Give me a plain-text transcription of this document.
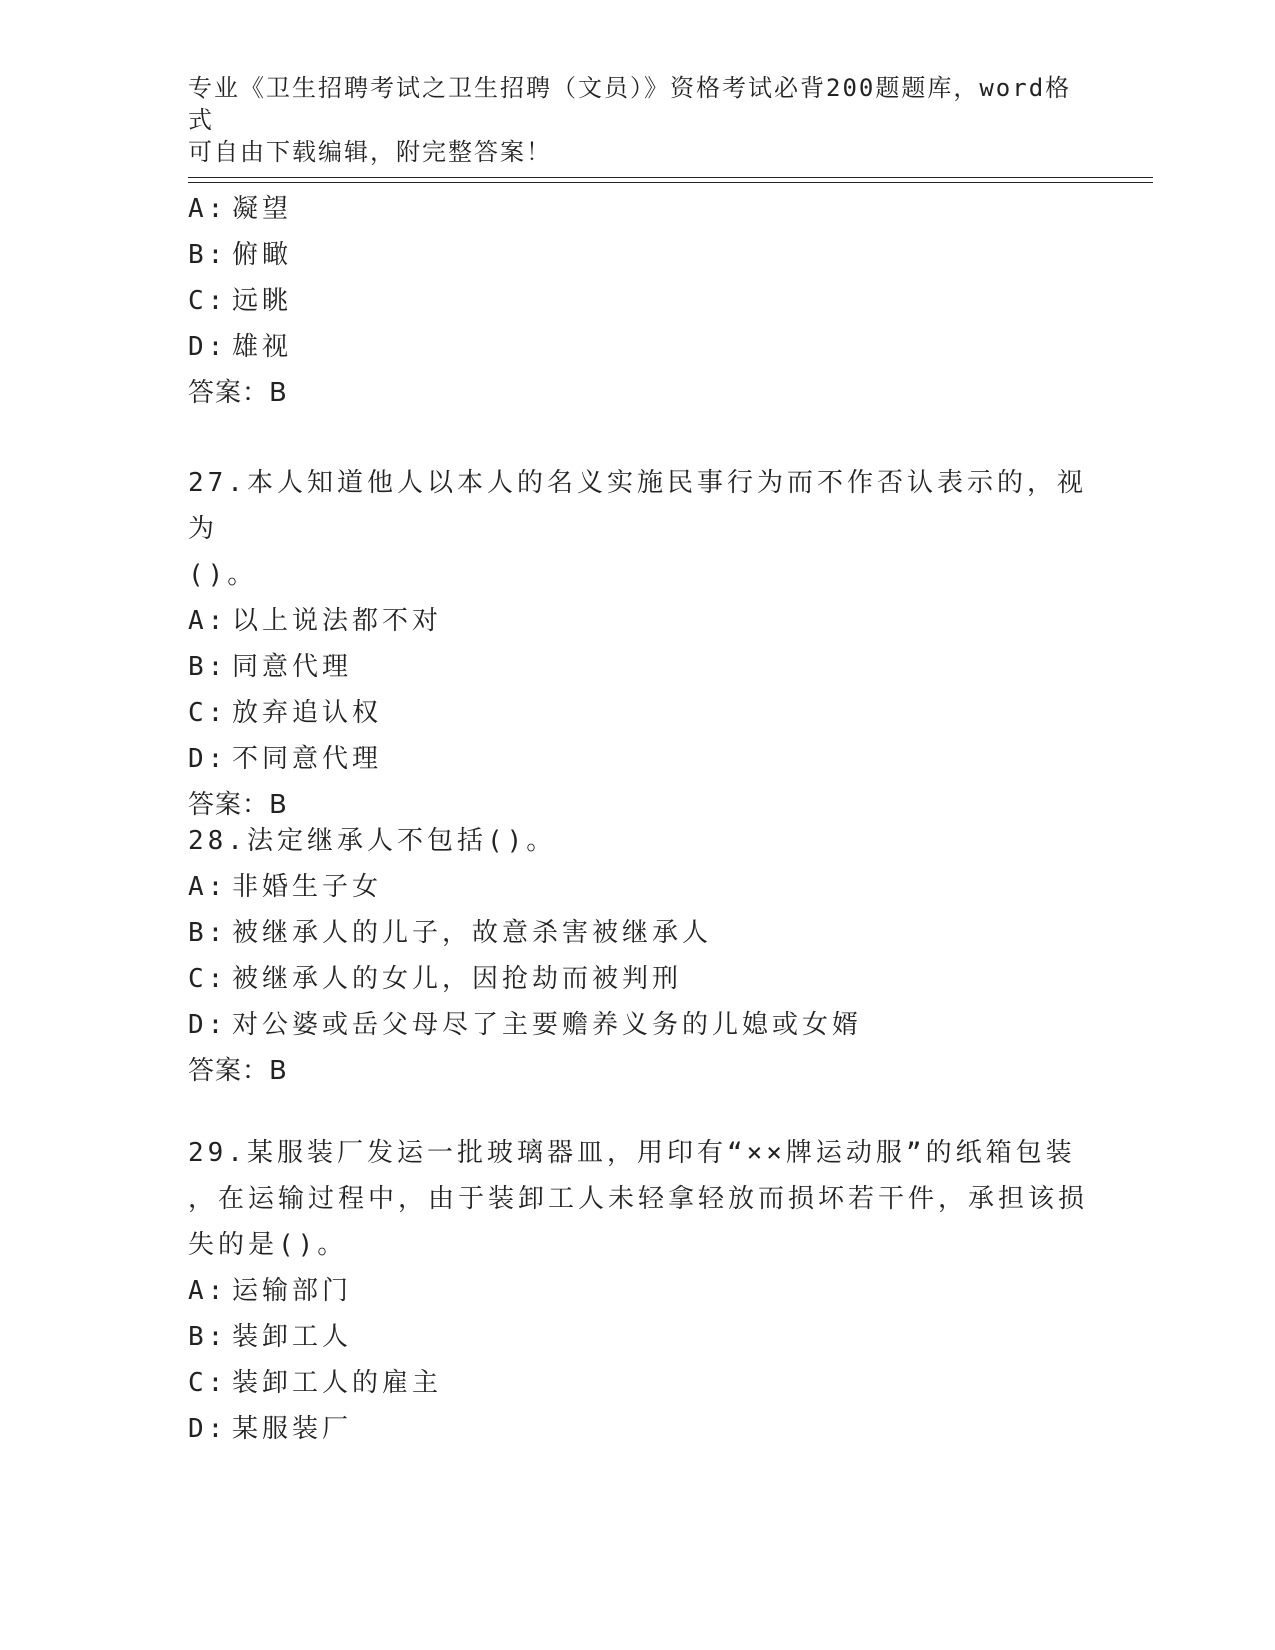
专业《卫生招聘考试之卫生招聘（文员）》资格考试必背200题题库，word格式
可自由下载编辑，附完整答案！
A: 凝望
B: 俯瞰
C: 远眺
D: 雄视
答案：B
27.本人知道他人以本人的名义实施民事行为而不作否认表示的，视为
()。
A: 以上说法都不对
B: 同意代理
C: 放弃追认权
D: 不同意代理
答案：B
28.法定继承人不包括()。
A: 非婚生子女
B: 被继承人的儿子，故意杀害被继承人
C: 被继承人的女儿，因抢劫而被判刑
D: 对公婆或岳父母尽了主要赡养义务的儿媳或女婿
答案：B
29.某服装厂发运一批玻璃器皿，用印有“××牌运动服”的纸箱包装
，在运输过程中，由于装卸工人未轻拿轻放而损坏若干件，承担该损
失的是()。
A: 运输部门
B: 装卸工人
C: 装卸工人的雇主
D: 某服装厂
